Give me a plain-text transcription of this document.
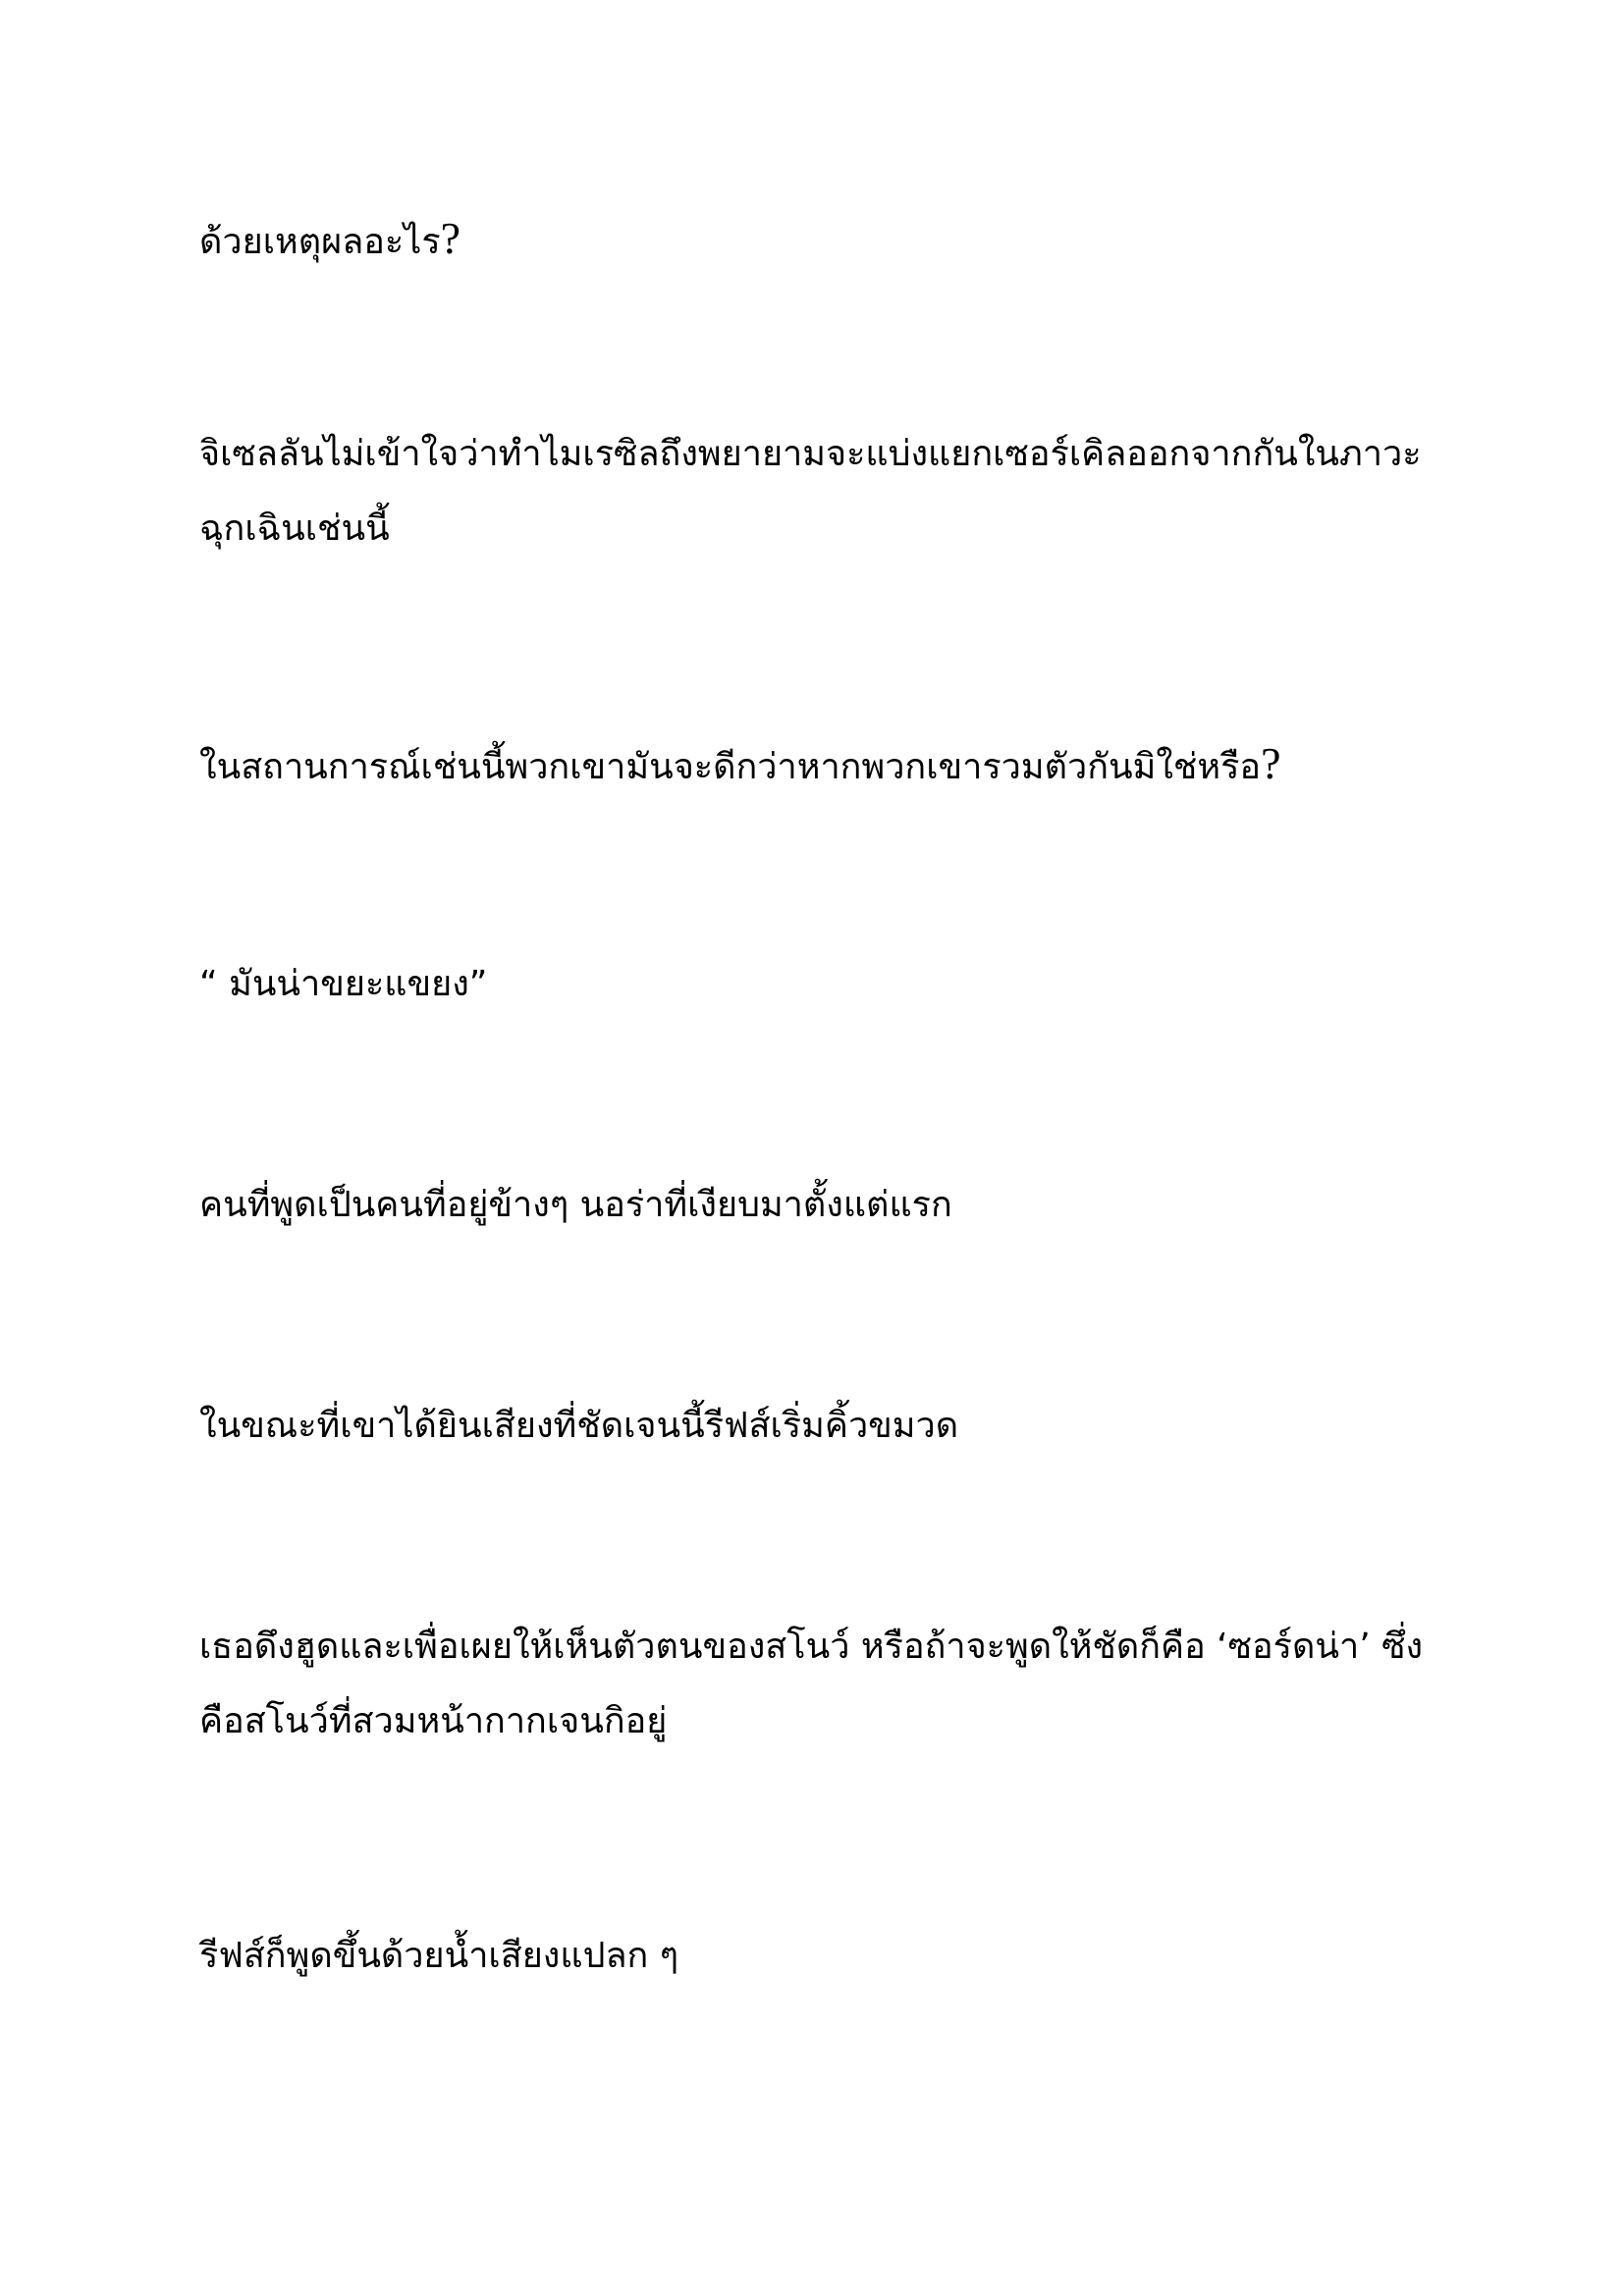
ด้วยเหตุผลอะไร?

จิเซลลันไม่เข้าใจว่าทำไมเรซิลถึงพยายามจะแบ่งแยกเซอร์เคิลออกจากกันในภาวะ
ฉุกเฉินเช่นนี้

ในสถานการณ์เช่นนี้พวกเขามันจะดีกว่าหากพวกเขารวมตัวกันมิใช่หรือ?

“ มันน่าขยะแขยง”

คนที่พูดเป็นคนที่อยู่ข้างๆ นอร่าที่เงียบมาตั้งแต่แรก

ในขณะที่เขาได้ยินเสียงที่ชัดเจนนี้รีฟส์เริ่มคิ้วขมวด

เธอดึงฮูดและเพื่อเผยให้เห็นตัวตนของสโนว์ หรือถ้าจะพูดให้ชัดก็คือ ‘ซอร์ดน่า’ ซึ่ง
คือสโนว์ที่สวมหน้ากากเจนกิอยู่

รีฟส์ก็พูดขึ้นด้วยน้ำเสียงแปลก ๆ
